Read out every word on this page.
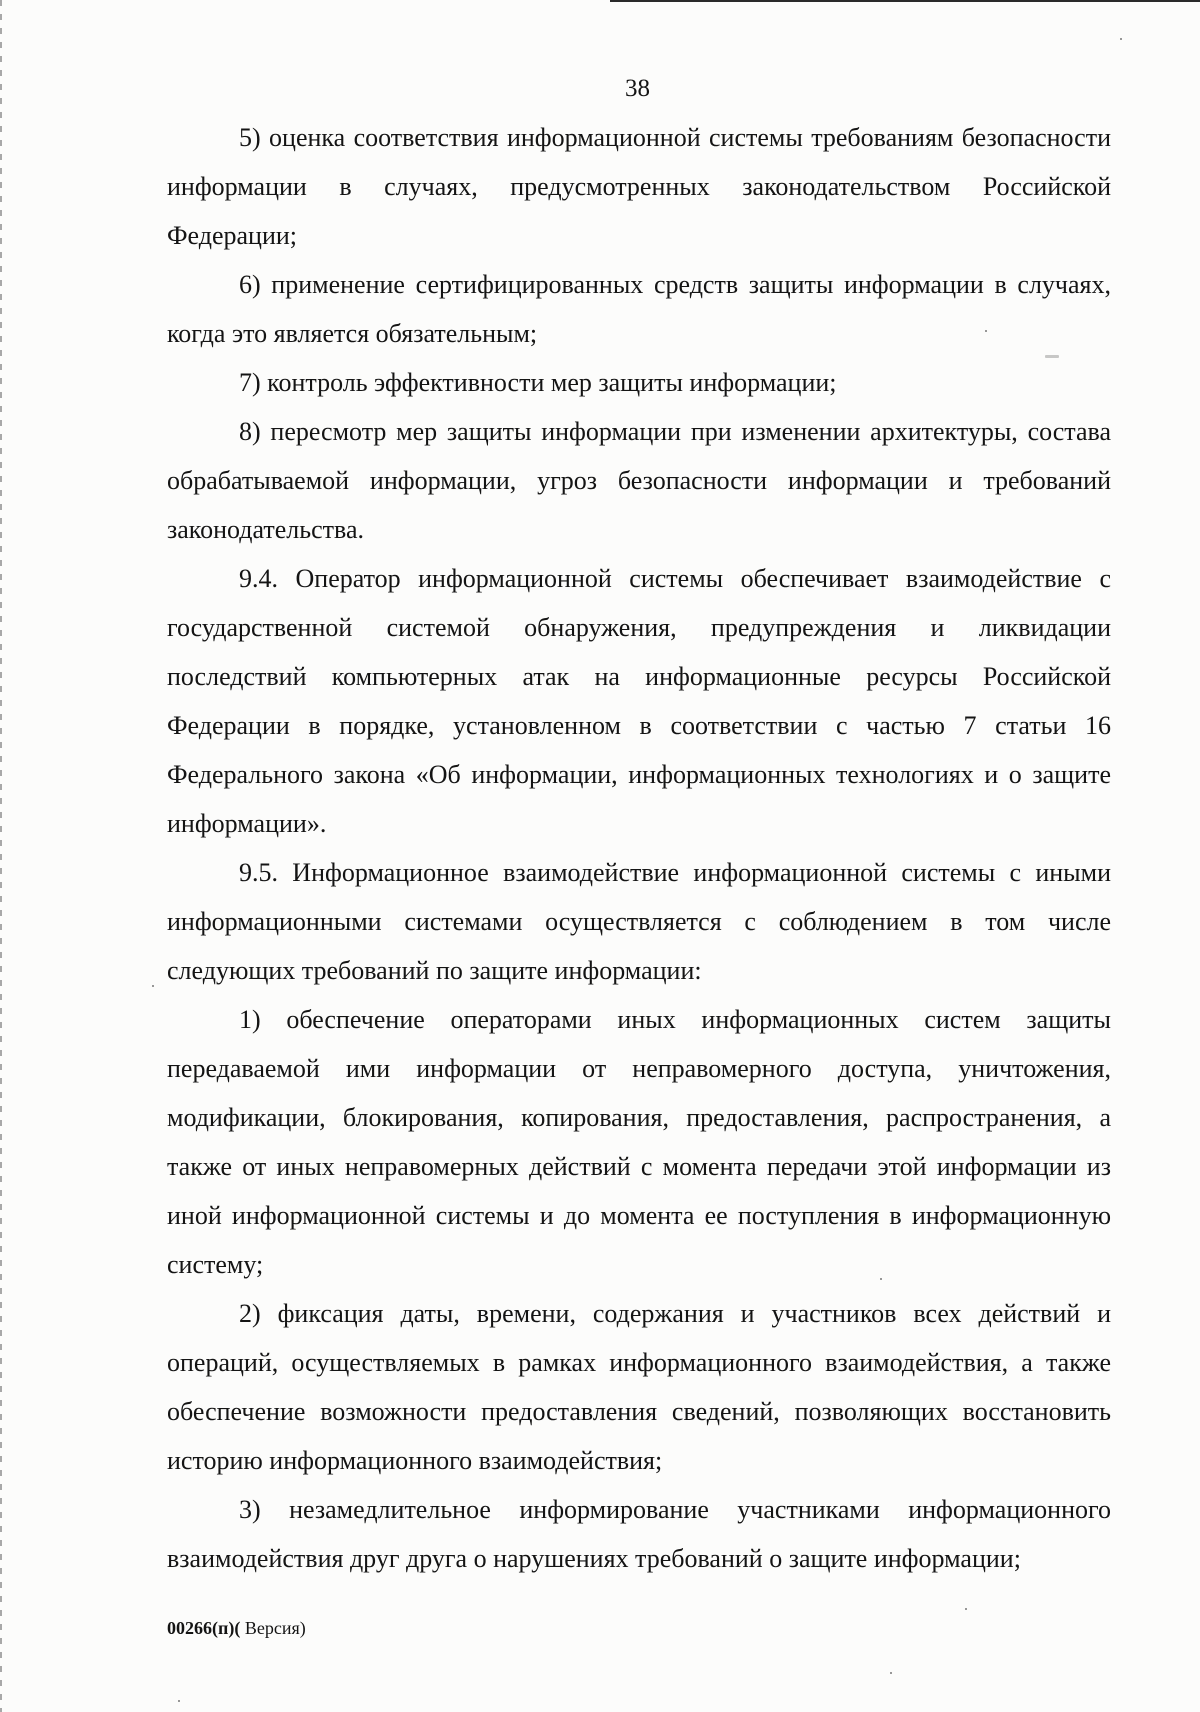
38

5) оценка соответствия информационной системы требованиям безопасности информации в случаях, предусмотренных законодательством Российской Федерации;

6) применение сертифицированных средств защиты информации в случаях, когда это является обязательным;

7) контроль эффективности мер защиты информации;

8) пересмотр мер защиты информации при изменении архитектуры, состава обрабатываемой информации, угроз безопасности информации и требований законодательства.

9.4. Оператор информационной системы обеспечивает взаимодействие с государственной системой обнаружения, предупреждения и ликвидации последствий компьютерных атак на информационные ресурсы Российской Федерации в порядке, установленном в соответствии с частью 7 статьи 16 Федерального закона «Об информации, информационных технологиях и о защите информации».

9.5. Информационное взаимодействие информационной системы с иными информационными системами осуществляется с соблюдением в том числе следующих требований по защите информации:

1) обеспечение операторами иных информационных систем защиты передаваемой ими информации от неправомерного доступа, уничтожения, модификации, блокирования, копирования, предоставления, распространения, а также от иных неправомерных действий с момента передачи этой информации из иной информационной системы и до момента ее поступления в информационную систему;

2) фиксация даты, времени, содержания и участников всех действий и операций, осуществляемых в рамках информационного взаимодействия, а также обеспечение возможности предоставления сведений, позволяющих восстановить историю информационного взаимодействия;

3) незамедлительное информирование участниками информационного взаимодействия друг друга о нарушениях требований о защите информации;

00266(п)( Версия)
